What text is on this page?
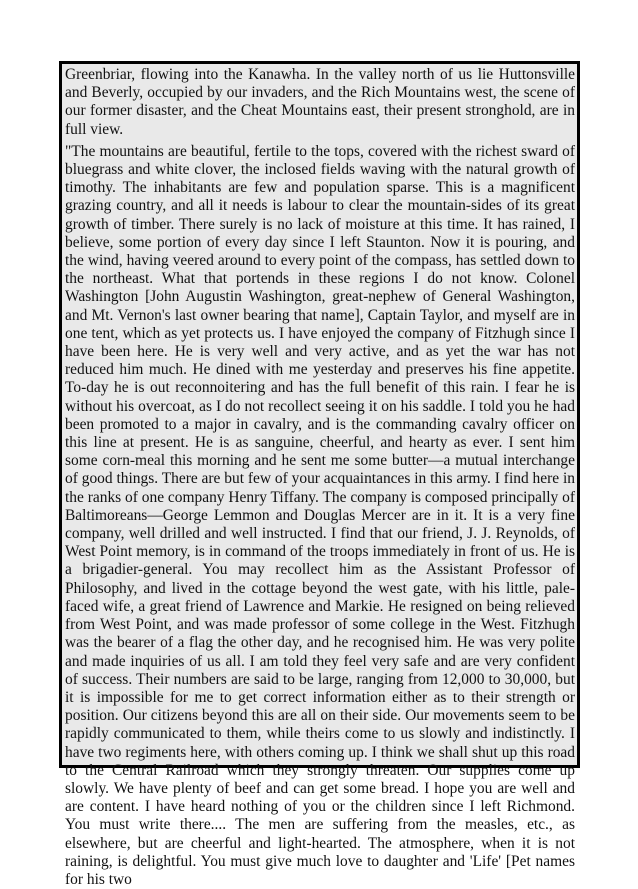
Greenbriar, flowing into the Kanawha. In the valley north of us lie Huttonsville and Beverly, occupied by our invaders, and the Rich Mountains west, the scene of our former disaster, and the Cheat Mountains east, their present stronghold, are in full view.

"The mountains are beautiful, fertile to the tops, covered with the richest sward of bluegrass and white clover, the inclosed fields waving with the natural growth of timothy. The inhabitants are few and population sparse. This is a magnificent grazing country, and all it needs is labour to clear the mountain-sides of its great growth of timber. There surely is no lack of moisture at this time. It has rained, I believe, some portion of every day since I left Staunton. Now it is pouring, and the wind, having veered around to every point of the compass, has settled down to the northeast. What that portends in these regions I do not know. Colonel Washington [John Augustin Washington, great-nephew of General Washington, and Mt. Vernon's last owner bearing that name], Captain Taylor, and myself are in one tent, which as yet protects us. I have enjoyed the company of Fitzhugh since I have been here. He is very well and very active, and as yet the war has not reduced him much. He dined with me yesterday and preserves his fine appetite. To-day he is out reconnoitering and has the full benefit of this rain. I fear he is without his overcoat, as I do not recollect seeing it on his saddle. I told you he had been promoted to a major in cavalry, and is the commanding cavalry officer on this line at present. He is as sanguine, cheerful, and hearty as ever. I sent him some corn-meal this morning and he sent me some butter—a mutual interchange of good things. There are but few of your acquaintances in this army. I find here in the ranks of one company Henry Tiffany. The company is composed principally of Baltimoreans—George Lemmon and Douglas Mercer are in it. It is a very fine company, well drilled and well instructed. I find that our friend, J. J. Reynolds, of West Point memory, is in command of the troops immediately in front of us. He is a brigadier-general. You may recollect him as the Assistant Professor of Philosophy, and lived in the cottage beyond the west gate, with his little, pale-faced wife, a great friend of Lawrence and Markie. He resigned on being relieved from West Point, and was made professor of some college in the West. Fitzhugh was the bearer of a flag the other day, and he recognised him. He was very polite and made inquiries of us all. I am told they feel very safe and are very confident of success. Their numbers are said to be large, ranging from 12,000 to 30,000, but it is impossible for me to get correct information either as to their strength or position. Our citizens beyond this are all on their side. Our movements seem to be rapidly communicated to them, while theirs come to us slowly and indistinctly. I have two regiments here, with others coming up. I think we shall shut up this road to the Central Railroad which they strongly threaten. Our supplies come up slowly. We have plenty of beef and can get some bread. I hope you are well and are content. I have heard nothing of you or the children since I left Richmond. You must write there.... The men are suffering from the measles, etc., as elsewhere, but are cheerful and light-hearted. The atmosphere, when it is not raining, is delightful. You must give much love to daughter and 'Life' [Pet names for his two
